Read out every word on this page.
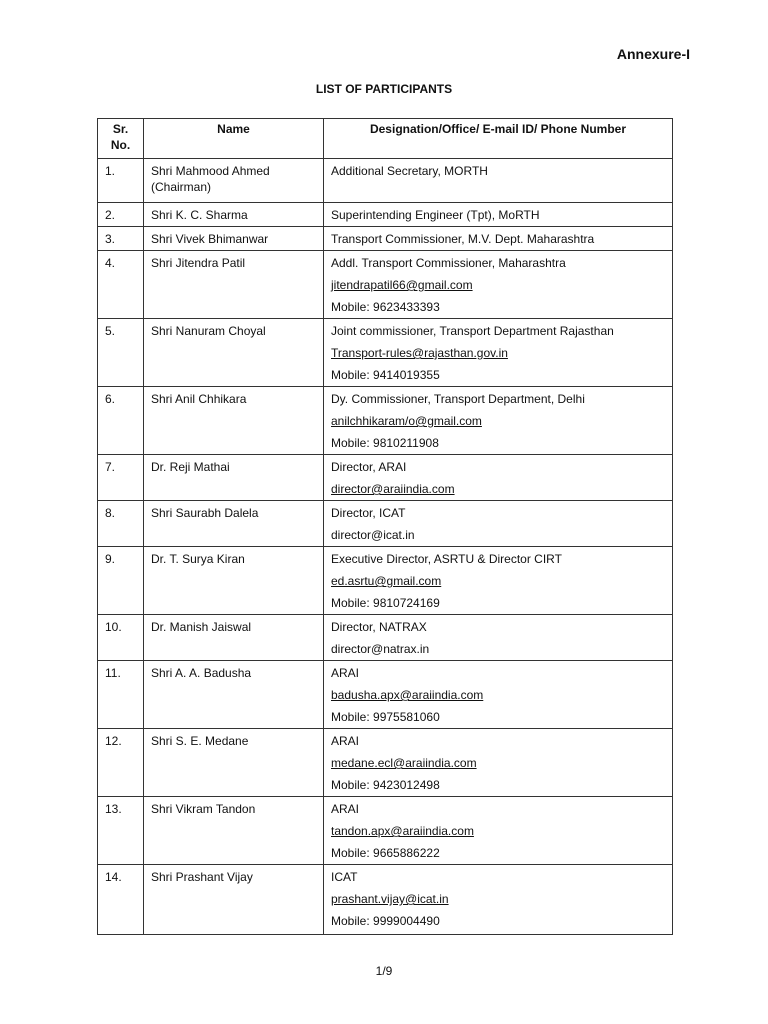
Annexure-I
LIST OF PARTICIPANTS
Sr. No.	Name	Designation/Office/ E-mail ID/ Phone Number
1.	Shri Mahmood Ahmed (Chairman)	Additional Secretary, MORTH

2.	Shri K. C. Sharma	Superintending Engineer (Tpt), MoRTH

3.	Shri Vivek Bhimanwar	Transport Commissioner, M.V. Dept. Maharashtra

4.	Shri Jitendra Patil	Addl. Transport Commissioner, Maharashtra
jitendrapatil66@gmail.com
Mobile: 9623433393

5.	Shri Nanuram Choyal	Joint commissioner, Transport Department Rajasthan
Transport-rules@rajasthan.gov.in
Mobile: 9414019355

6.	Shri Anil Chhikara	Dy. Commissioner, Transport Department, Delhi
anilchhikaram/o@gmail.com
Mobile: 9810211908

7.	Dr. Reji Mathai	Director, ARAI
director@araiindia.com

8.	Shri Saurabh Dalela	Director, ICAT
director@icat.in

9.	Dr. T. Surya Kiran	Executive Director, ASRTU & Director CIRT
ed.asrtu@gmail.com
Mobile: 9810724169

10.	Dr. Manish Jaiswal	Director, NATRAX
director@natrax.in

11.	Shri A. A. Badusha	ARAI
badusha.apx@araiindia.com
Mobile: 9975581060

12.	Shri S. E. Medane	ARAI
medane.ecl@araiindia.com
Mobile: 9423012498

13.	Shri Vikram Tandon	ARAI
tandon.apx@araiindia.com
Mobile: 9665886222

14.	Shri Prashant Vijay	ICAT
prashant.vijay@icat.in
Mobile: 9999004490
1/9
